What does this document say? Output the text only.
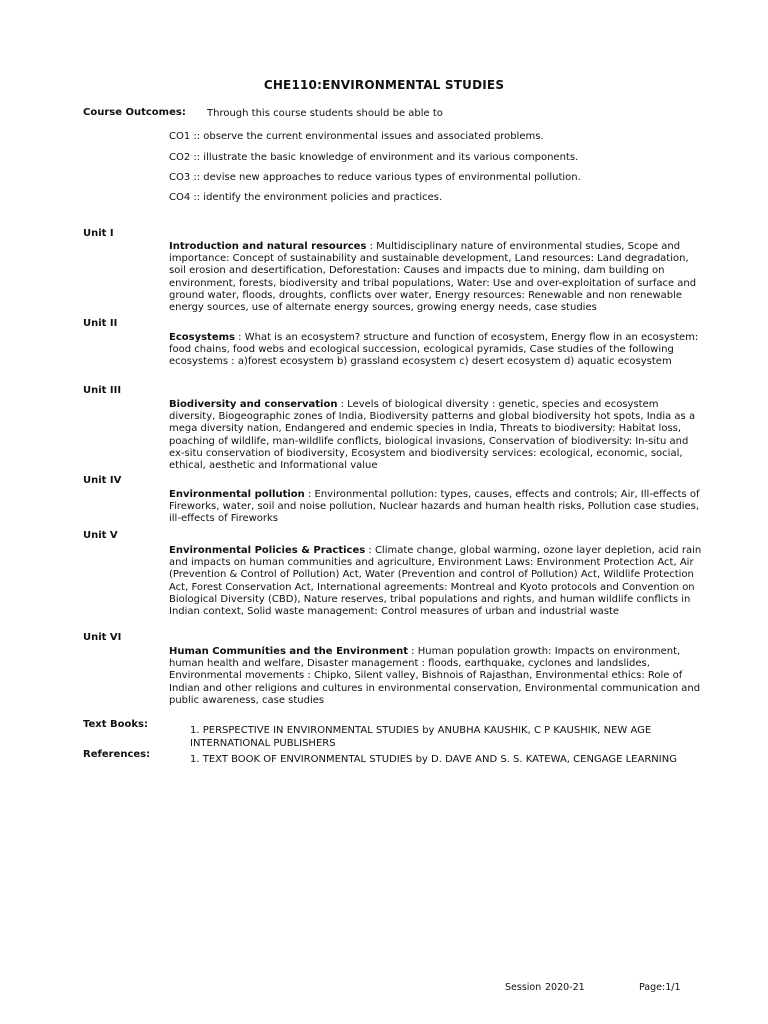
CHE110:ENVIRONMENTAL STUDIES
Course Outcomes: Through this course students should be able to
CO1 :: observe the current environmental issues and associated problems.
CO2 :: illustrate the basic knowledge of environment and its various components.
CO3 :: devise new approaches to reduce various types of environmental pollution.
CO4 :: identify the environment policies and practices.
Unit I
Introduction and natural resources : Multidisciplinary nature of environmental studies, Scope and importance: Concept of sustainability and sustainable development, Land resources: Land degradation, soil erosion and desertification, Deforestation: Causes and impacts due to mining, dam building on environment, forests, biodiversity and tribal populations, Water: Use and over-exploitation of surface and ground water, floods, droughts, conflicts over water, Energy resources: Renewable and non renewable energy sources, use of alternate energy sources, growing energy needs, case studies
Unit II
Ecosystems : What is an ecosystem? structure and function of ecosystem, Energy flow in an ecosystem: food chains, food webs and ecological succession, ecological pyramids, Case studies of the following ecosystems : a)forest ecosystem b) grassland ecosystem c) desert ecosystem d) aquatic ecosystem
Unit III
Biodiversity and conservation : Levels of biological diversity : genetic, species and ecosystem diversity, Biogeographic zones of India, Biodiversity patterns and global biodiversity hot spots, India as a mega diversity nation, Endangered and endemic species in India, Threats to biodiversity: Habitat loss, poaching of wildlife, man-wildlife conflicts, biological invasions, Conservation of biodiversity: In-situ and ex-situ conservation of biodiversity, Ecosystem and biodiversity services: ecological, economic, social, ethical, aesthetic and Informational value
Unit IV
Environmental pollution : Environmental pollution: types, causes, effects and controls; Air, Ill-effects of Fireworks, water, soil and noise pollution, Nuclear hazards and human health risks, Pollution case studies, ill-effects of Fireworks
Unit V
Environmental Policies & Practices : Climate change, global warming, ozone layer depletion, acid rain and impacts on human communities and agriculture, Environment Laws: Environment Protection Act, Air (Prevention & Control of Pollution) Act, Water (Prevention and control of Pollution) Act, Wildlife Protection Act, Forest Conservation Act, International agreements: Montreal and Kyoto protocols and Convention on Biological Diversity (CBD), Nature reserves, tribal populations and rights, and human wildlife conflicts in Indian context, Solid waste management: Control measures of urban and industrial waste
Unit VI
Human Communities and the Environment : Human population growth: Impacts on environment, human health and welfare, Disaster management : floods, earthquake, cyclones and landslides, Environmental movements : Chipko, Silent valley, Bishnois of Rajasthan, Environmental ethics: Role of Indian and other religions and cultures in environmental conservation, Environmental communication and public awareness, case studies
Text Books:
1. PERSPECTIVE IN ENVIRONMENTAL STUDIES by ANUBHA KAUSHIK, C P KAUSHIK, NEW AGE INTERNATIONAL PUBLISHERS
References:	1. TEXT BOOK OF ENVIRONMENTAL STUDIES by D. DAVE AND S. S. KATEWA, CENGAGE LEARNING
Session 2020-21	Page:1/1
